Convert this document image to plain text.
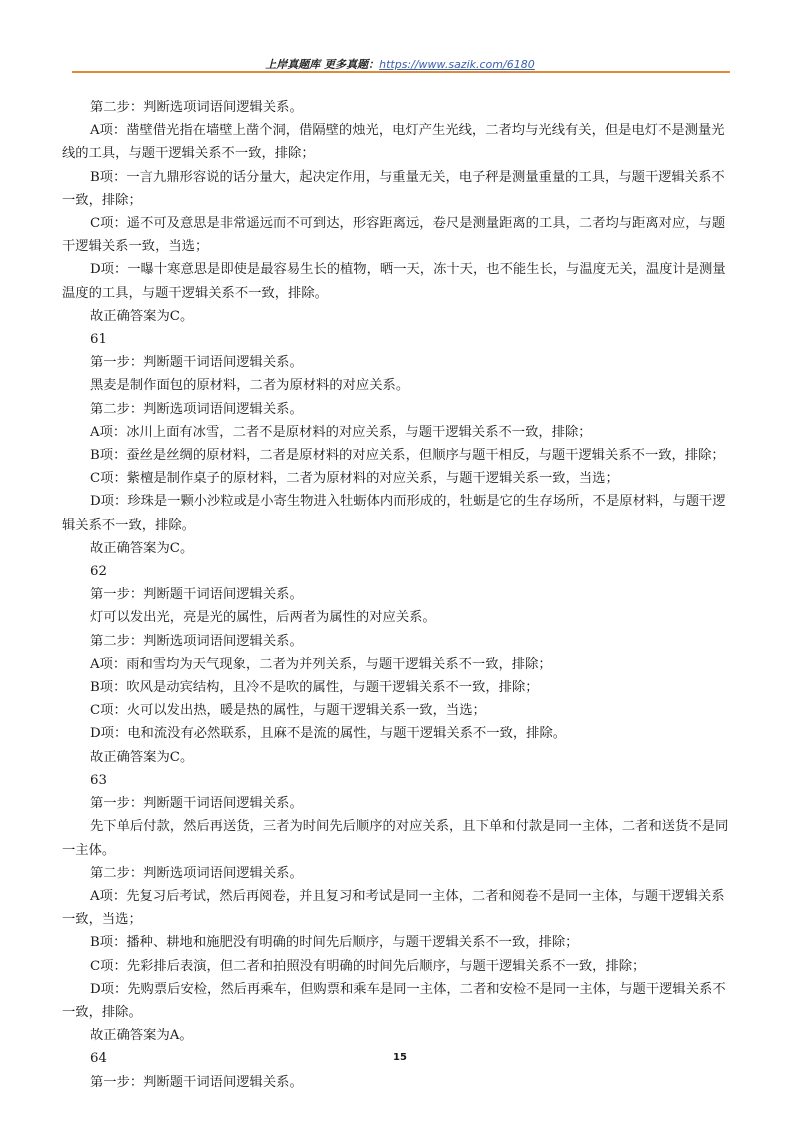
上岸真题库 更多真题：https://www.sazik.com/6180

第二步：判断选项词语间逻辑关系。

A项：凿壁借光指在墙壁上凿个洞，借隔壁的烛光，电灯产生光线，二者均与光线有关，但是电灯不是测量光线的工具，与题干逻辑关系不一致，排除；

B项：一言九鼎形容说的话分量大，起决定作用，与重量无关，电子秤是测量重量的工具，与题干逻辑关系不一致，排除；

C项：遥不可及意思是非常遥远而不可到达，形容距离远，卷尺是测量距离的工具，二者均与距离对应，与题干逻辑关系一致，当选；

D项：一曝十寒意思是即使是最容易生长的植物，晒一天，冻十天，也不能生长，与温度无关，温度计是测量温度的工具，与题干逻辑关系不一致，排除。

故正确答案为C。

61

第一步：判断题干词语间逻辑关系。

黑麦是制作面包的原材料，二者为原材料的对应关系。

第二步：判断选项词语间逻辑关系。

A项：冰川上面有冰雪，二者不是原材料的对应关系，与题干逻辑关系不一致，排除；

B项：蚕丝是丝绸的原材料，二者是原材料的对应关系，但顺序与题干相反，与题干逻辑关系不一致，排除；

C项：紫檀是制作桌子的原材料，二者为原材料的对应关系，与题干逻辑关系一致，当选；

D项：珍珠是一颗小沙粒或是小寄生物进入牡蛎体内而形成的，牡蛎是它的生存场所，不是原材料，与题干逻辑关系不一致，排除。

故正确答案为C。

62

第一步：判断题干词语间逻辑关系。

灯可以发出光，亮是光的属性，后两者为属性的对应关系。

第二步：判断选项词语间逻辑关系。

A项：雨和雪均为天气现象，二者为并列关系，与题干逻辑关系不一致，排除；

B项：吹风是动宾结构，且冷不是吹的属性，与题干逻辑关系不一致，排除；

C项：火可以发出热，暖是热的属性，与题干逻辑关系一致，当选；

D项：电和流没有必然联系，且麻不是流的属性，与题干逻辑关系不一致，排除。

故正确答案为C。

63

第一步：判断题干词语间逻辑关系。

先下单后付款，然后再送货，三者为时间先后顺序的对应关系，且下单和付款是同一主体，二者和送货不是同一主体。

第二步：判断选项词语间逻辑关系。

A项：先复习后考试，然后再阅卷，并且复习和考试是同一主体，二者和阅卷不是同一主体，与题干逻辑关系一致，当选；

B项：播种、耕地和施肥没有明确的时间先后顺序，与题干逻辑关系不一致，排除；

C项：先彩排后表演，但二者和拍照没有明确的时间先后顺序，与题干逻辑关系不一致，排除；

D项：先购票后安检，然后再乘车，但购票和乘车是同一主体，二者和安检不是同一主体，与题干逻辑关系不一致，排除。

故正确答案为A。

64

第一步：判断题干词语间逻辑关系。

15
